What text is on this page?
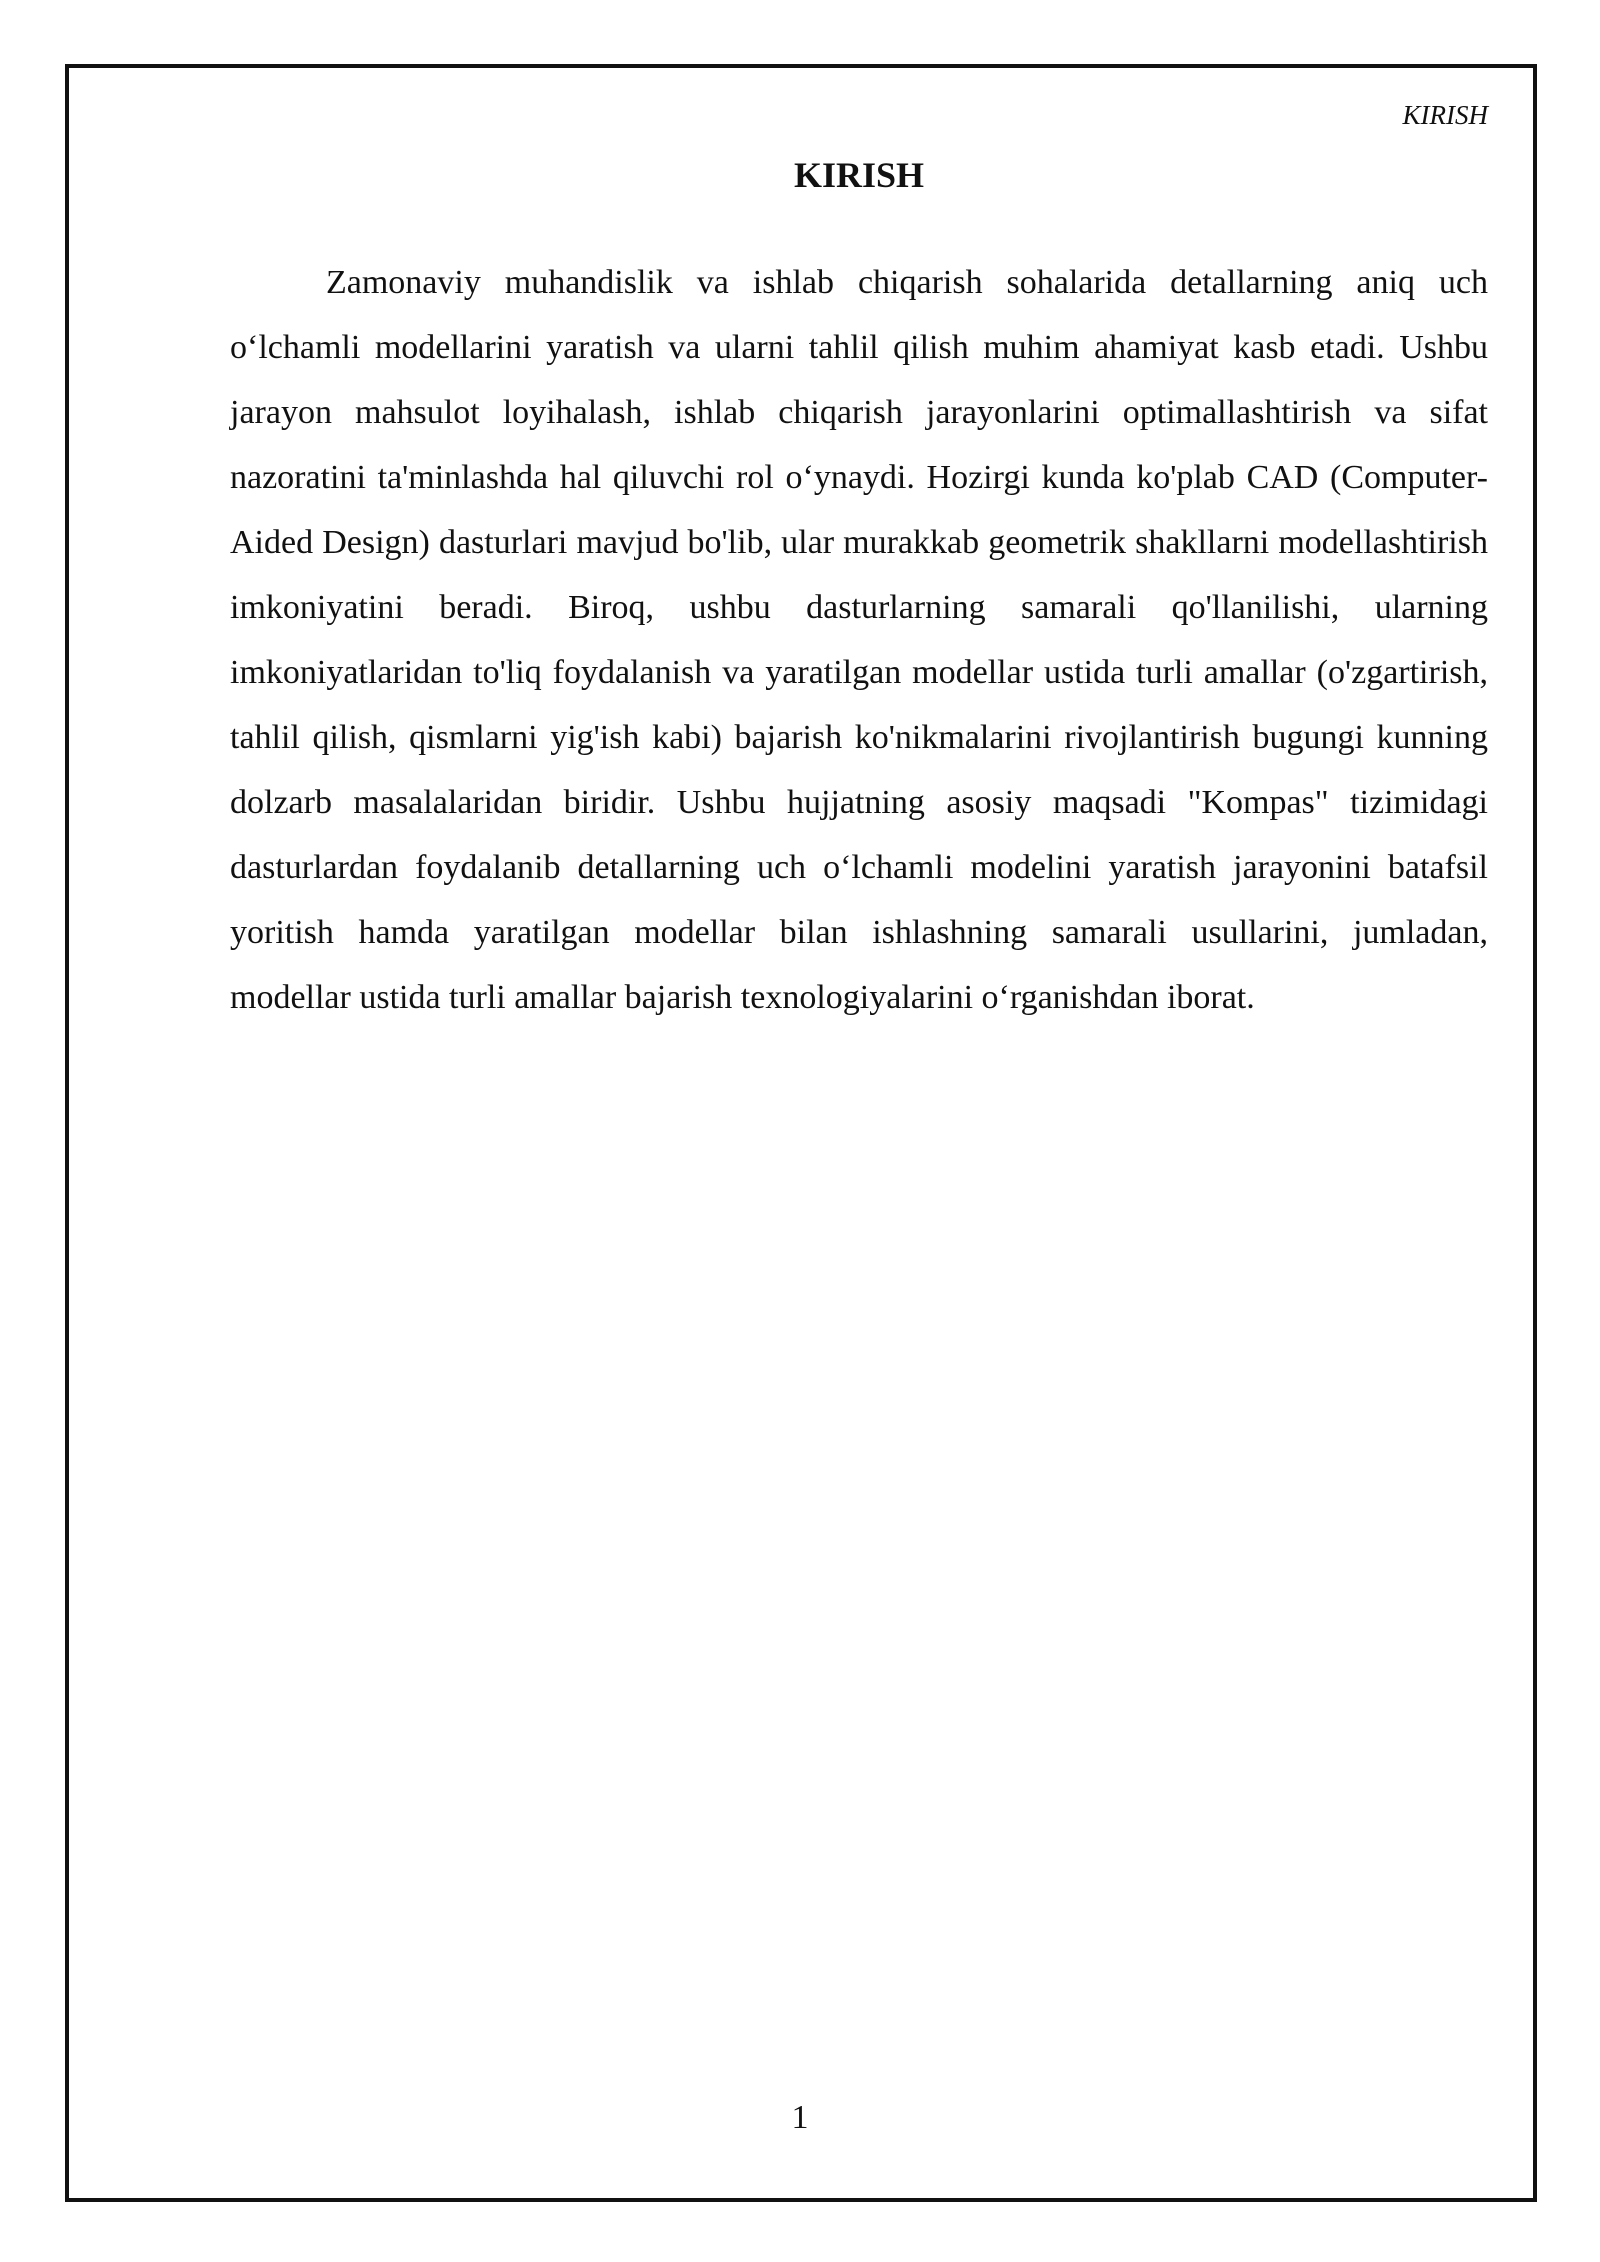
KIRISH

KIRISH

Zamonaviy muhandislik va ishlab chiqarish sohalarida detallarning aniq uch o‘lchamli modellarini yaratish va ularni tahlil qilish muhim ahamiyat kasb etadi. Ushbu jarayon mahsulot loyihalash, ishlab chiqarish jarayonlarini optimallashtirish va sifat nazoratini ta'minlashda hal qiluvchi rol o‘ynaydi. Hozirgi kunda ko'plab CAD (Computer-Aided Design) dasturlari mavjud bo'lib, ular murakkab geometrik shakllarni modellashtirish imkoniyatini beradi. Biroq, ushbu dasturlarning samarali qo'llanilishi, ularning imkoniyatlaridan to'liq foydalanish va yaratilgan modellar ustida turli amallar (o'zgartirish, tahlil qilish, qismlarni yig'ish kabi) bajarish ko'nikmalarini rivojlantirish bugungi kunning dolzarb masalalaridan biridir. Ushbu hujjatning asosiy maqsadi "Kompas" tizimidagi dasturlardan foydalanib detallarning uch o‘lchamli modelini yaratish jarayonini batafsil yoritish hamda yaratilgan modellar bilan ishlashning samarali usullarini, jumladan, modellar ustida turli amallar bajarish texnologiyalarini o‘rganishdan iborat.

1
